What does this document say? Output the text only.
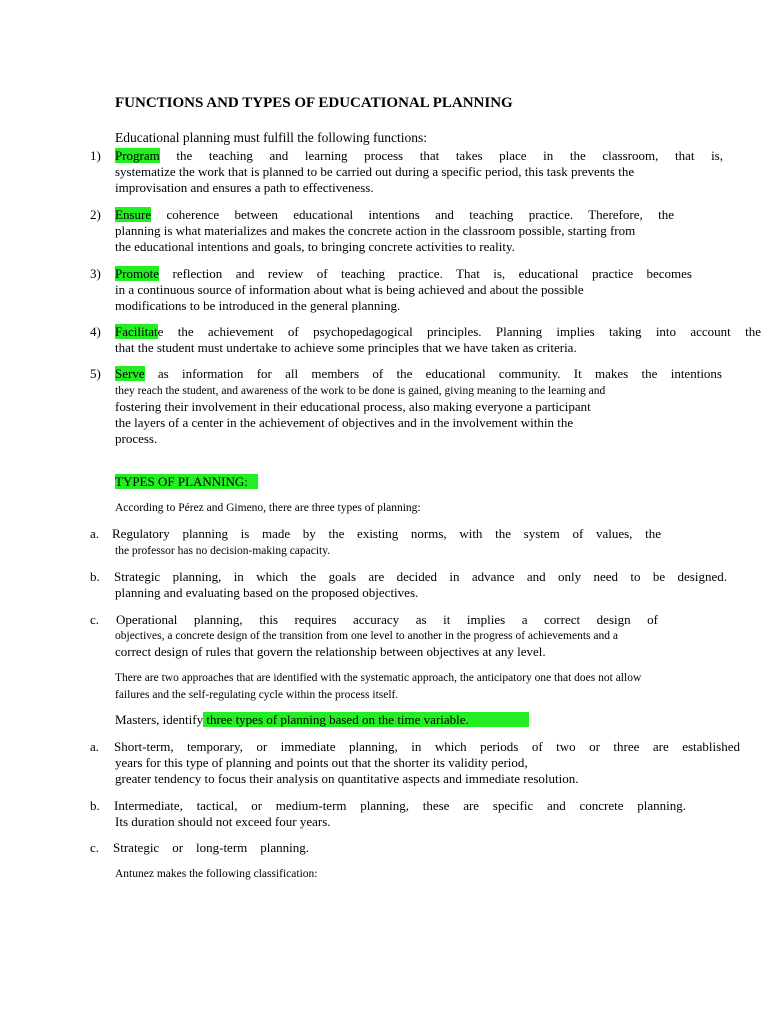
FUNCTIONS AND TYPES OF EDUCATIONAL PLANNING
Educational planning must fulfill the following functions:
1) Program the teaching and learning process that takes place in the classroom, that is,
systematize the work that is planned to be carried out during a specific period, this task prevents the
improvisation and ensures a path to effectiveness.
2) Ensure coherence between educational intentions and teaching practice. Therefore, the
planning is what materializes and makes the concrete action in the classroom possible, starting from
the educational intentions and goals, to bringing concrete activities to reality.
3) Promote reflection and review of teaching practice. That is, educational practice becomes
in a continuous source of information about what is being achieved and about the possible
modifications to be introduced in the general planning.
4) Facilitate the achievement of psychopedagogical principles. Planning implies taking into account the
that the student must undertake to achieve some principles that we have taken as criteria.
5) Serve as information for all members of the educational community. It makes the intentions
they reach the student, and awareness of the work to be done is gained, giving meaning to the learning and
fostering their involvement in their educational process, also making everyone a participant
the layers of a center in the achievement of objectives and in the involvement within the
process.
TYPES OF PLANNING:
According to Pérez and Gimeno, there are three types of planning:
a. Regulatory planning is made by the existing norms, with the system of values, the
the professor has no decision-making capacity.
b. Strategic planning, in which the goals are decided in advance and only need to be designed.
planning and evaluating based on the proposed objectives.
c. Operational planning, this requires accuracy as it implies a correct design of
objectives, a concrete design of the transition from one level to another in the progress of achievements and a
correct design of rules that govern the relationship between objectives at any level.
There are two approaches that are identified with the systematic approach, the anticipatory one that does not allow
failures and the self-regulating cycle within the process itself.
Masters, identify three types of planning based on the time variable.
a. Short-term, temporary, or immediate planning, in which periods of two or three are established
years for this type of planning and points out that the shorter its validity period,
greater tendency to focus their analysis on quantitative aspects and immediate resolution.
b. Intermediate, tactical, or medium-term planning, these are specific and concrete planning.
Its duration should not exceed four years.
c. Strategic or long-term planning.
Antunez makes the following classification:
